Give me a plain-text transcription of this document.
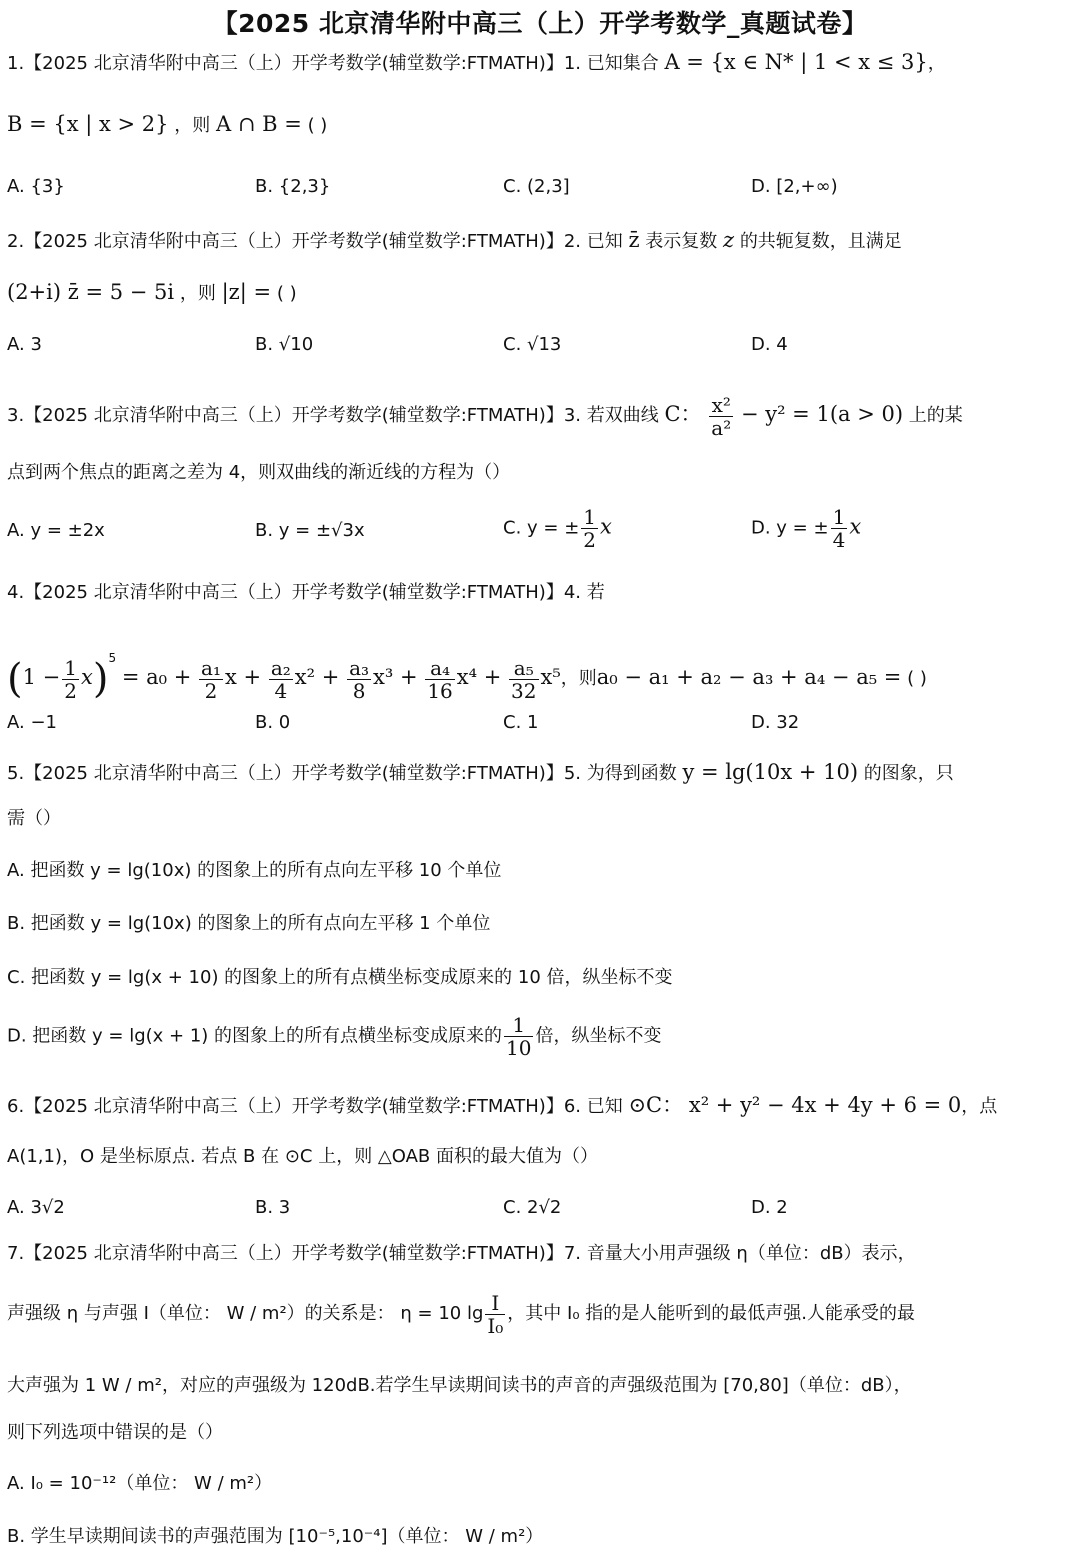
【2025 北京清华附中高三（上）开学考数学_真题试卷】
1.【2025 北京清华附中高三（上）开学考数学(辅堂数学:FTMATH)】1. 已知集合 A = {x ∈ N* | 1 < x ≤ 3}，
B = {x | x > 2} ，则 A ∩ B = ( )
A. {3}	B. {2,3}	C. (2,3]	D. [2,+∞)
2.【2025 北京清华附中高三（上）开学考数学(辅堂数学:FTMATH)】2. 已知 z̄ 表示复数 z 的共轭复数，且满足
(2+i) z̄ = 5 − 5i ，则 |z| = ( )
A. 3	B. √10	C. √13	D. 4
3.【2025 北京清华附中高三（上）开学考数学(辅堂数学:FTMATH)】3. 若双曲线 C： $\frac{\text{x²}}{\text{a²}} - y^2 = 1(a > 0)$ 上的某
点到两个焦点的距离之差为 4，则双曲线的渐近线的方程为（）
A. y = ±2x	B. y = ±√3x	C. y = ± $\frac{1}{2}$ x	D. y = ± $\frac{1}{4}$ x
4.【2025 北京清华附中高三（上）开学考数学(辅堂数学:FTMATH)】4. 若
$(1 - \frac{1}{2} x)^5 = a_0 + \frac{\text{a₁}}{2}$ $x + \frac{\text{a₂}}{4} x^2 + \frac{\text{a₃}}{8} x^3 + \frac{\text{a₄}}{16} x^4 + \frac{\text{a₅}}{32} x^5$，则a₀ − a₁ + a₂ − a₃ + a₄ − a₅ = ( )
A. −1	B. 0	C. 1	D. 32
5.【2025 北京清华附中高三（上）开学考数学(辅堂数学:FTMATH)】5. 为得到函数 y = lg(10x + 10) 的图象，只
需（）
A. 把函数 y = lg(10x) 的图象上的所有点向左平移 10 个单位
B. 把函数 y = lg(10x) 的图象上的所有点向左平移 1 个单位
C. 把函数 y = lg(x + 10) 的图象上的所有点横坐标变成原来的 10 倍，纵坐标不变
D. 把函数 y = lg(x + 1) 的图象上的所有点横坐标变成原来的 $\frac{1}{10}$ 倍，纵坐标不变
6.【2025 北京清华附中高三（上）开学考数学(辅堂数学:FTMATH)】6. 已知 ⊙C： x² + y² − 4x + 4y + 6 = 0，点
A(1,1)，O 是坐标原点. 若点 B 在 ⊙C 上，则 △OAB 面积的最大值为（）
A. 3√2	B. 3	C. 2√2	D. 2
7.【2025 北京清华附中高三（上）开学考数学(辅堂数学:FTMATH)】7. 音量大小用声强级 η（单位：dB）表示，
声强级 η 与声强 I（单位： W / m²）的关系是： η = 10 $\lg \frac{I}{\text{I₀}}$ ，其中 I₀ 指的是人能听到的最低声强.人能承受的最
大声强为 1 W / m²，对应的声强级为 120dB.若学生早读期间读书的声音的声强级范围为 [70,80]（单位：dB），
则下列选项中错误的是（）
A. I₀ = 10⁻¹²（单位： W / m²）
B. 学生早读期间读书的声强范围为 [10⁻⁵,10⁻⁴]（单位： W / m²）
